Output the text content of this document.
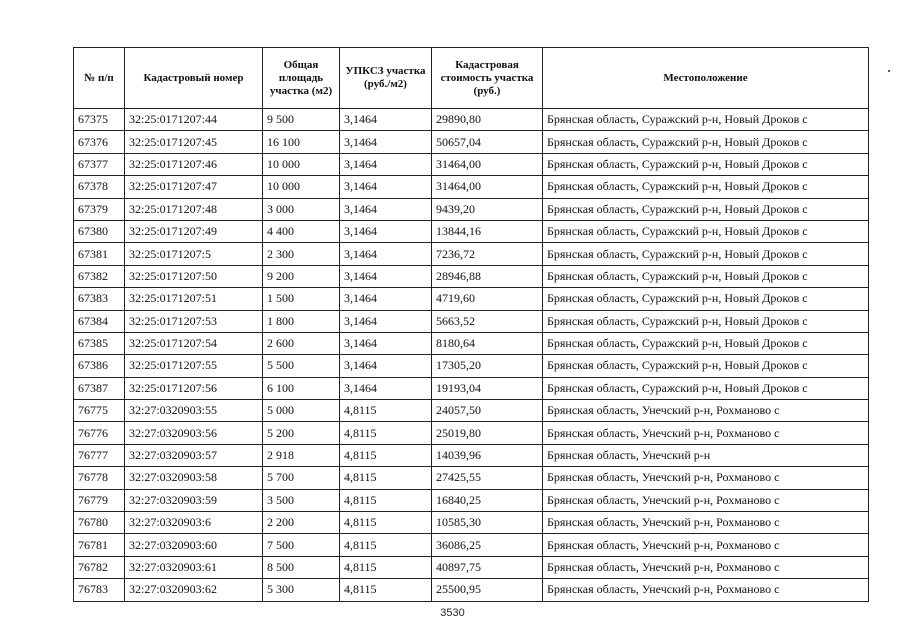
№ п/п	Кадастровый номер	Общая площадь участка (м2)	УПКСЗ участка (руб./м2)	Кадастровая стоимость участка (руб.)	Местоположение
67375	32:25:0171207:44	9 500	3,1464	29890,80	Брянская область, Суражский р-н, Новый Дроков с
67376	32:25:0171207:45	16 100	3,1464	50657,04	Брянская область, Суражский р-н, Новый Дроков с
67377	32:25:0171207:46	10 000	3,1464	31464,00	Брянская область, Суражский р-н, Новый Дроков с
67378	32:25:0171207:47	10 000	3,1464	31464,00	Брянская область, Суражский р-н, Новый Дроков с
67379	32:25:0171207:48	3 000	3,1464	9439,20	Брянская область, Суражский р-н, Новый Дроков с
67380	32:25:0171207:49	4 400	3,1464	13844,16	Брянская область, Суражский р-н, Новый Дроков с
67381	32:25:0171207:5	2 300	3,1464	7236,72	Брянская область, Суражский р-н, Новый Дроков с
67382	32:25:0171207:50	9 200	3,1464	28946,88	Брянская область, Суражский р-н, Новый Дроков с
67383	32:25:0171207:51	1 500	3,1464	4719,60	Брянская область, Суражский р-н, Новый Дроков с
67384	32:25:0171207:53	1 800	3,1464	5663,52	Брянская область, Суражский р-н, Новый Дроков с
67385	32:25:0171207:54	2 600	3,1464	8180,64	Брянская область, Суражский р-н, Новый Дроков с
67386	32:25:0171207:55	5 500	3,1464	17305,20	Брянская область, Суражский р-н, Новый Дроков с
67387	32:25:0171207:56	6 100	3,1464	19193,04	Брянская область, Суражский р-н, Новый Дроков с
76775	32:27:0320903:55	5 000	4,8115	24057,50	Брянская область, Унечский р-н, Рохманово с
76776	32:27:0320903:56	5 200	4,8115	25019,80	Брянская область, Унечский р-н, Рохманово с
76777	32:27:0320903:57	2 918	4,8115	14039,96	Брянская область, Унечский р-н
76778	32:27:0320903:58	5 700	4,8115	27425,55	Брянская область, Унечский р-н, Рохманово с
76779	32:27:0320903:59	3 500	4,8115	16840,25	Брянская область, Унечский р-н, Рохманово с
76780	32:27:0320903:6	2 200	4,8115	10585,30	Брянская область, Унечский р-н, Рохманово с
76781	32:27:0320903:60	7 500	4,8115	36086,25	Брянская область, Унечский р-н, Рохманово с
76782	32:27:0320903:61	8 500	4,8115	40897,75	Брянская область, Унечский р-н, Рохманово с
76783	32:27:0320903:62	5 300	4,8115	25500,95	Брянская область, Унечский р-н, Рохманово с
3530
